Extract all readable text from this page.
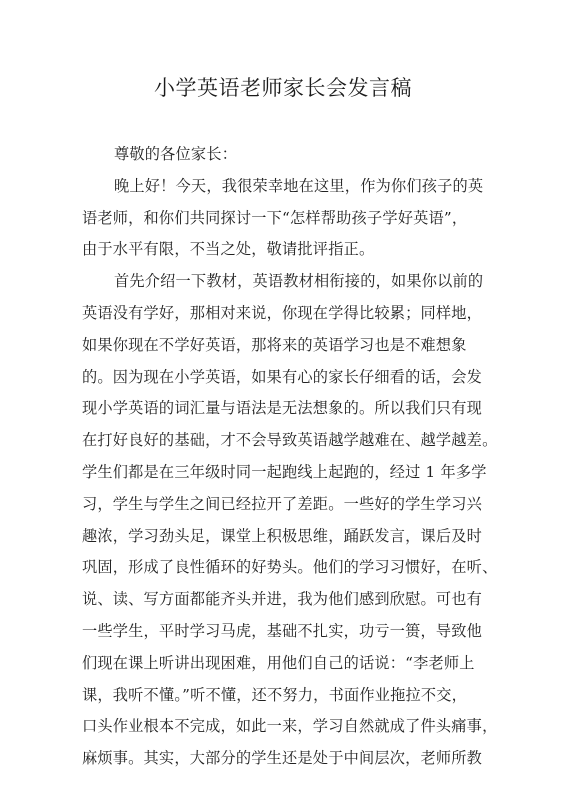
小学英语老师家长会发言稿
尊敬的各位家长：
晚上好！今天，我很荣幸地在这里，作为你们孩子的英
语老师，和你们共同探讨一下“怎样帮助孩子学好英语”，
由于水平有限，不当之处，敬请批评指正。
首先介绍一下教材，英语教材相衔接的，如果你以前的
英语没有学好，那相对来说，你现在学得比较累；同样地，
如果你现在不学好英语，那将来的英语学习也是不难想象
的。因为现在小学英语，如果有心的家长仔细看的话，会发
现小学英语的词汇量与语法是无法想象的。所以我们只有现
在打好良好的基础，才不会导致英语越学越难在、越学越差。
学生们都是在三年级时同一起跑线上起跑的，经过 1 年多学
习，学生与学生之间已经拉开了差距。一些好的学生学习兴
趣浓，学习劲头足，课堂上积极思维，踊跃发言，课后及时
巩固，形成了良性循环的好势头。他们的学习习惯好，在听、
说、读、写方面都能齐头并进，我为他们感到欣慰。可也有
一些学生，平时学习马虎，基础不扎实，功亏一篑，导致他
们现在课上听讲出现困难，用他们自己的话说：“李老师上
课，我听不懂。”听不懂，还不努力，书面作业拖拉不交，
口头作业根本不完成，如此一来，学习自然就成了件头痛事，
麻烦事。其实，大部分的学生还是处于中间层次，老师所教
